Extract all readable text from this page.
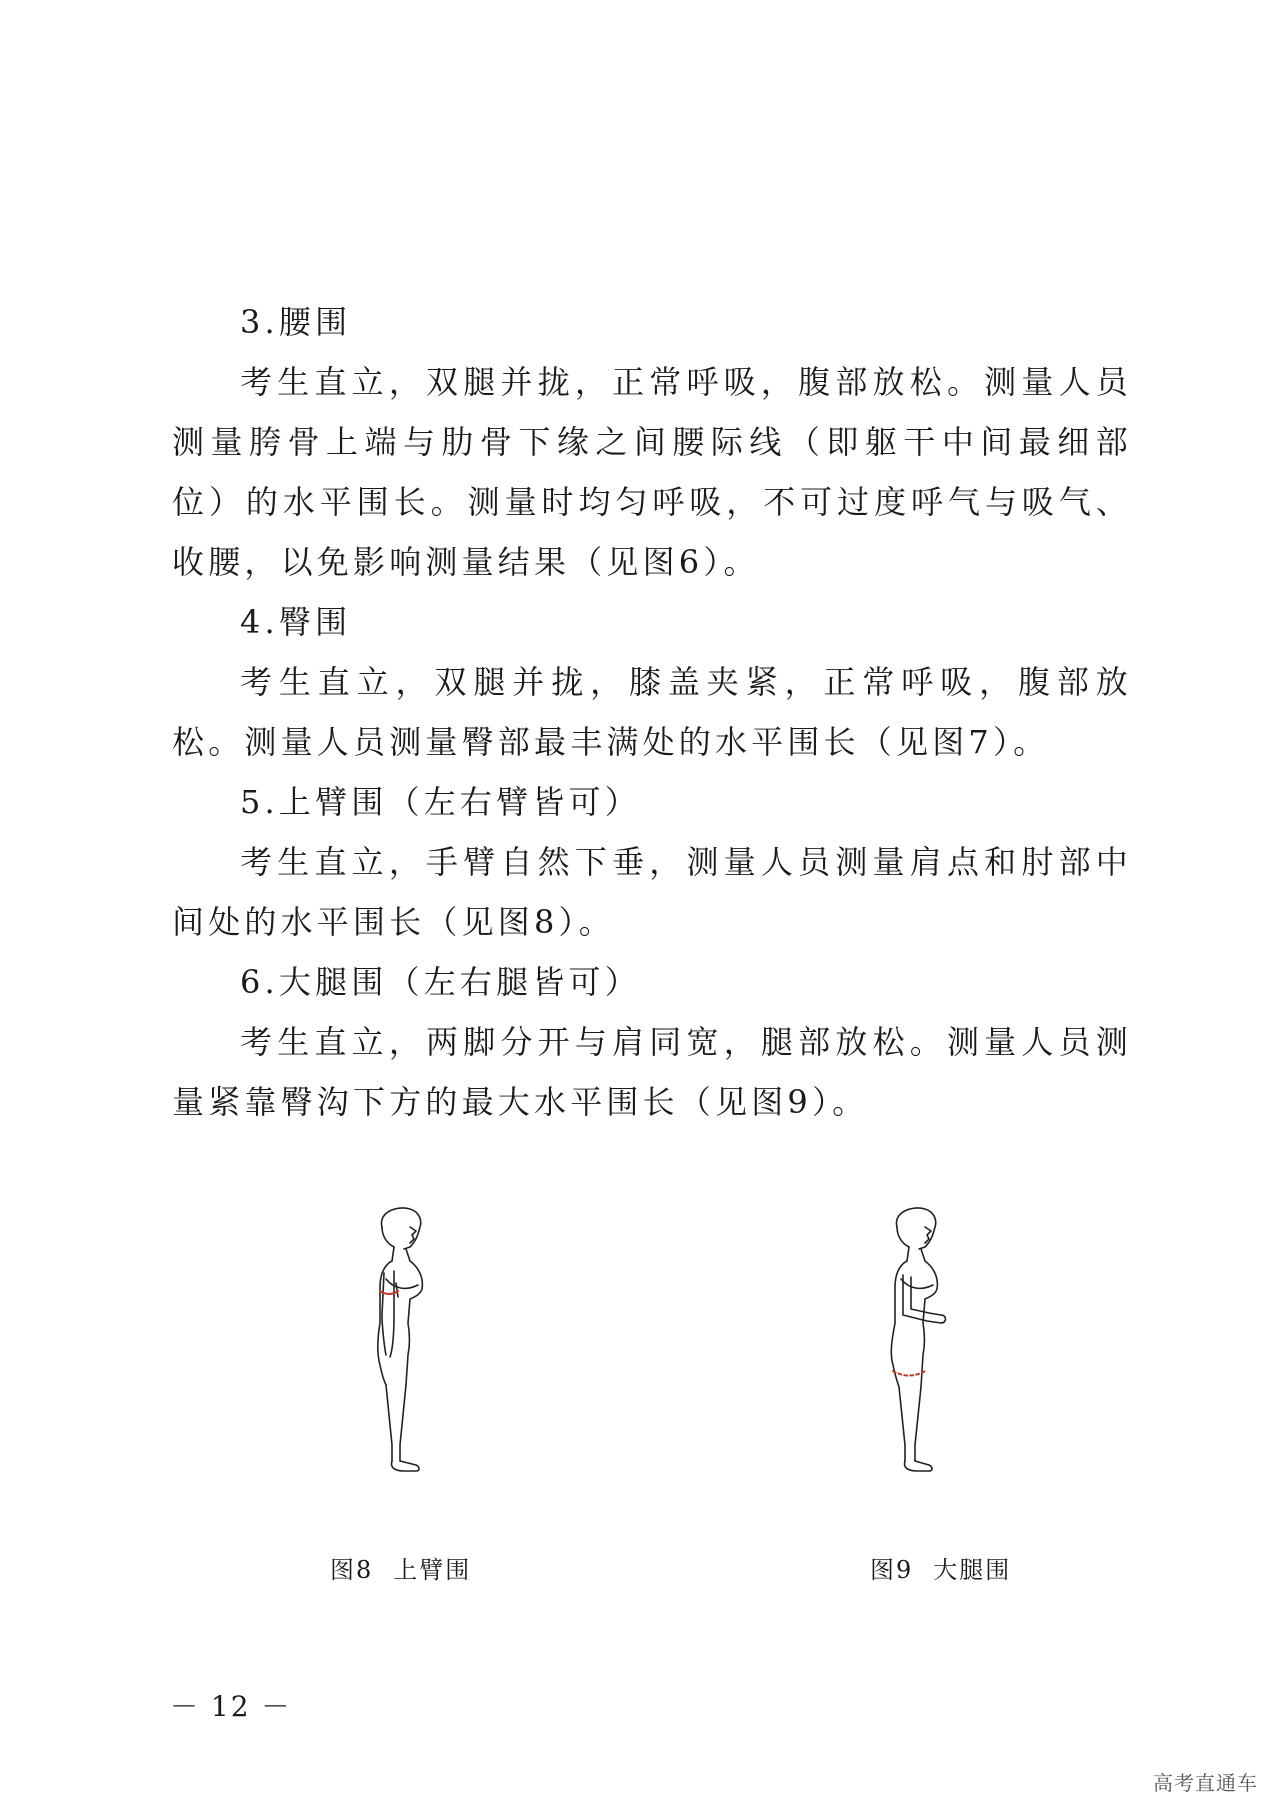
3.腰围

考生直立，双腿并拢，正常呼吸，腹部放松。测量人员测量胯骨上端与肋骨下缘之间腰际线（即躯干中间最细部位）的水平围长。测量时均匀呼吸，不可过度呼气与吸气、收腰，以免影响测量结果（见图6）。

4.臀围

考生直立，双腿并拢，膝盖夹紧，正常呼吸，腹部放松。测量人员测量臀部最丰满处的水平围长（见图7）。

5.上臂围（左右臂皆可）

考生直立，手臂自然下垂，测量人员测量肩点和肘部中间处的水平围长（见图8）。

6.大腿围（左右腿皆可）

考生直立，两脚分开与肩同宽，腿部放松。测量人员测量紧靠臀沟下方的最大水平围长（见图9）。

图8 上臂围	图9 大腿围
－ 12 －
高考直通车
